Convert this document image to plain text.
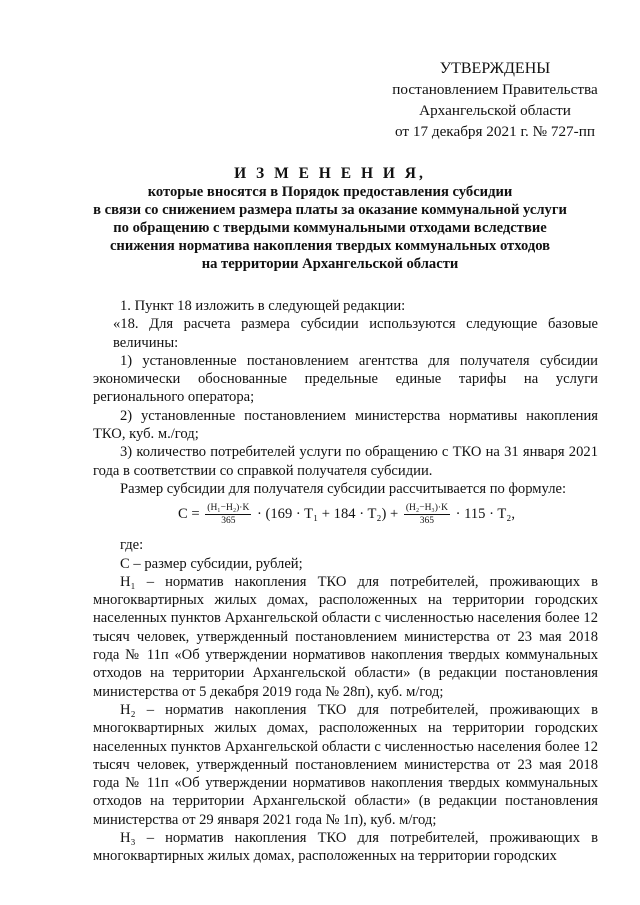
УТВЕРЖДЕНЫ
постановлением Правительства
Архангельской области
от 17 декабря 2021 г. № 727-пп
И З М Е Н Е Н И Я,
которые вносятся в Порядок предоставления субсидии
в связи со снижением размера платы за оказание коммунальной услуги
по обращению с твердыми коммунальными отходами вследствие
снижения норматива накопления твердых коммунальных отходов
на территории Архангельской области

1. Пункт 18 изложить в следующей редакции:

«18. Для расчета размера субсидии используются следующие базовые величины:

1) установленные постановлением агентства для получателя субсидии экономически обоснованные предельные единые тарифы на услуги регионального оператора;

2) установленные постановлением министерства нормативы накопления ТКО, куб. м./год;

3) количество потребителей услуги по обращению с ТКО на 31 января 2021 года в соответствии со справкой получателя субсидии.

Размер субсидии для получателя субсидии рассчитывается по формуле:

$C = \frac{\text{(H₁−H₂)·K}}{365} \cdot (169 \cdot T_1 + 184 \cdot T_2) + \frac{\text{(H₂−H₃)·K}}{365} \cdot 115 \cdot T_2$,

где:

С – размер субсидии, рублей;

Н₁ – норматив накопления ТКО для потребителей, проживающих в многоквартирных жилых домах, расположенных на территории городских населенных пунктов Архангельской области с численностью населения более 12 тысяч человек, утвержденный постановлением министерства от 23 мая 2018 года № 11п «Об утверждении нормативов накопления твердых коммунальных отходов на территории Архангельской области» (в редакции постановления министерства от 5 декабря 2019 года № 28п), куб. м/год;

Н₂ – норматив накопления ТКО для потребителей, проживающих в многоквартирных жилых домах, расположенных на территории городских населенных пунктов Архангельской области с численностью населения более 12 тысяч человек, утвержденный постановлением министерства от 23 мая 2018 года № 11п «Об утверждении нормативов накопления твердых коммунальных отходов на территории Архангельской области» (в редакции постановления министерства от 29 января 2021 года № 1п), куб. м/год;

Н₃ – норматив накопления ТКО для потребителей, проживающих в многоквартирных жилых домах, расположенных на территории городских
